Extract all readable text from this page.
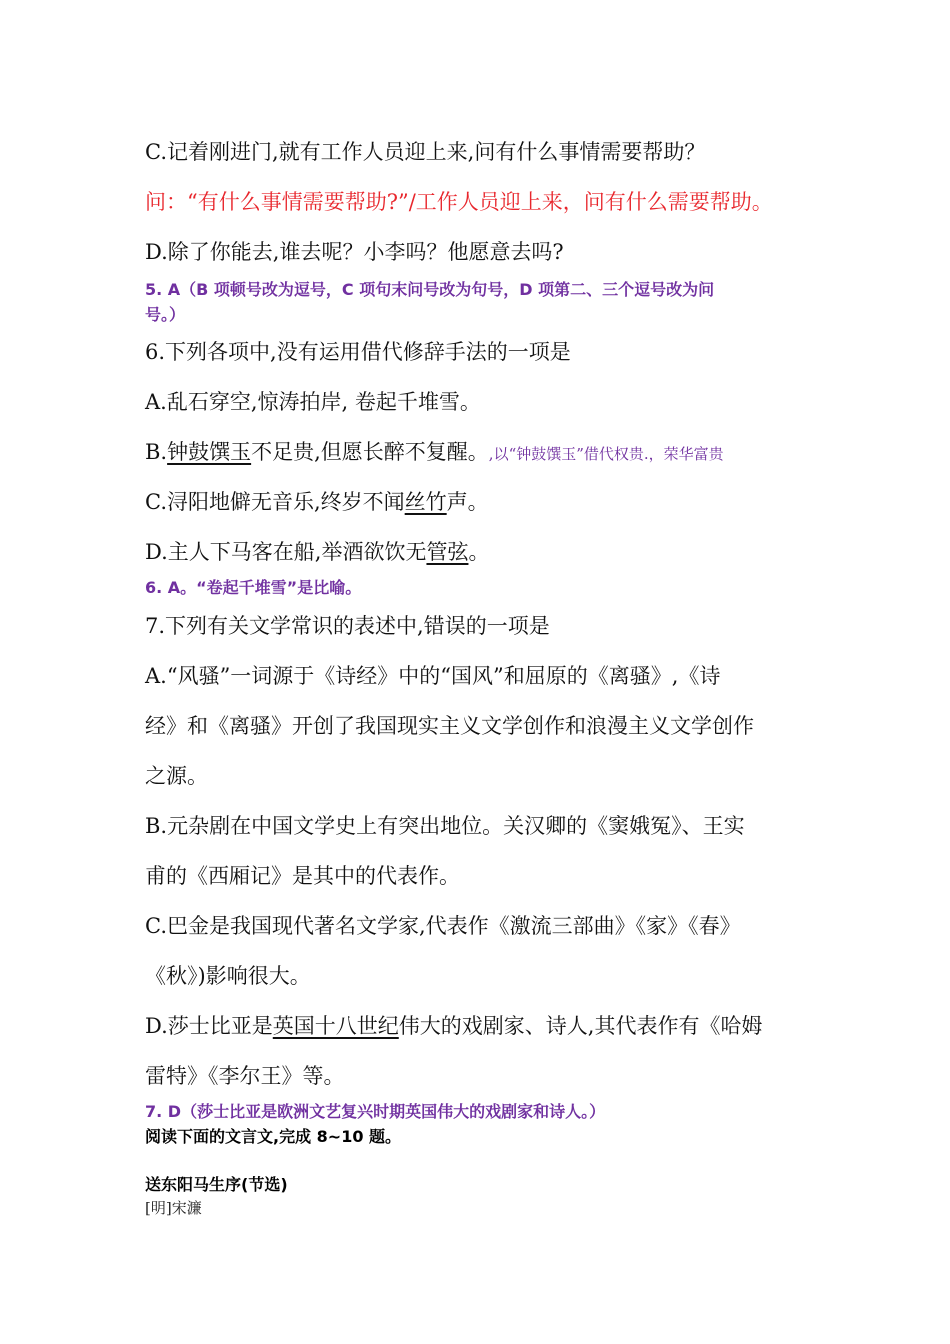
C.记着刚进门,就有工作人员迎上来,问有什么事情需要帮助？
问：“有什么事情需要帮助?”/工作人员迎上来，问有什么需要帮助。
D.除了你能去,谁去呢？小李吗？他愿意去吗?
5. A（B 项顿号改为逗号，C 项句末问号改为句号，D 项第二、三个逗号改为问
号。）
6.下列各项中,没有运用借代修辞手法的一项是
A.乱石穿空,惊涛拍岸, 卷起千堆雪。
B.钟鼓馔玉不足贵,但愿长醉不复醒。,以“钟鼓馔玉”借代权贵.，荣华富贵
C.浔阳地僻无音乐,终岁不闻丝竹声。
D.主人下马客在船,举酒欲饮无管弦。
6. A。“卷起千堆雪”是比喻。
7.下列有关文学常识的表述中,错误的一项是
A.“风骚”一词源于《诗经》中的“国风”和屈原的《离骚》,《诗
经》和《离骚》开创了我国现实主义文学创作和浪漫主义文学创作
之源。
B.元杂剧在中国文学史上有突出地位。关汉卿的《窦娥冤》、王实
甫的《西厢记》是其中的代表作。
C.巴金是我国现代著名文学家,代表作《激流三部曲》《家》《春》
《秋》)影响很大。
D.莎士比亚是英国十八世纪伟大的戏剧家、诗人,其代表作有《哈姆
雷特》《李尔王》等。
7. D（莎士比亚是欧洲文艺复兴时期英国伟大的戏剧家和诗人。）
阅读下面的文言文,完成 8~10 题。
送东阳马生序(节选)
[明]宋濂
